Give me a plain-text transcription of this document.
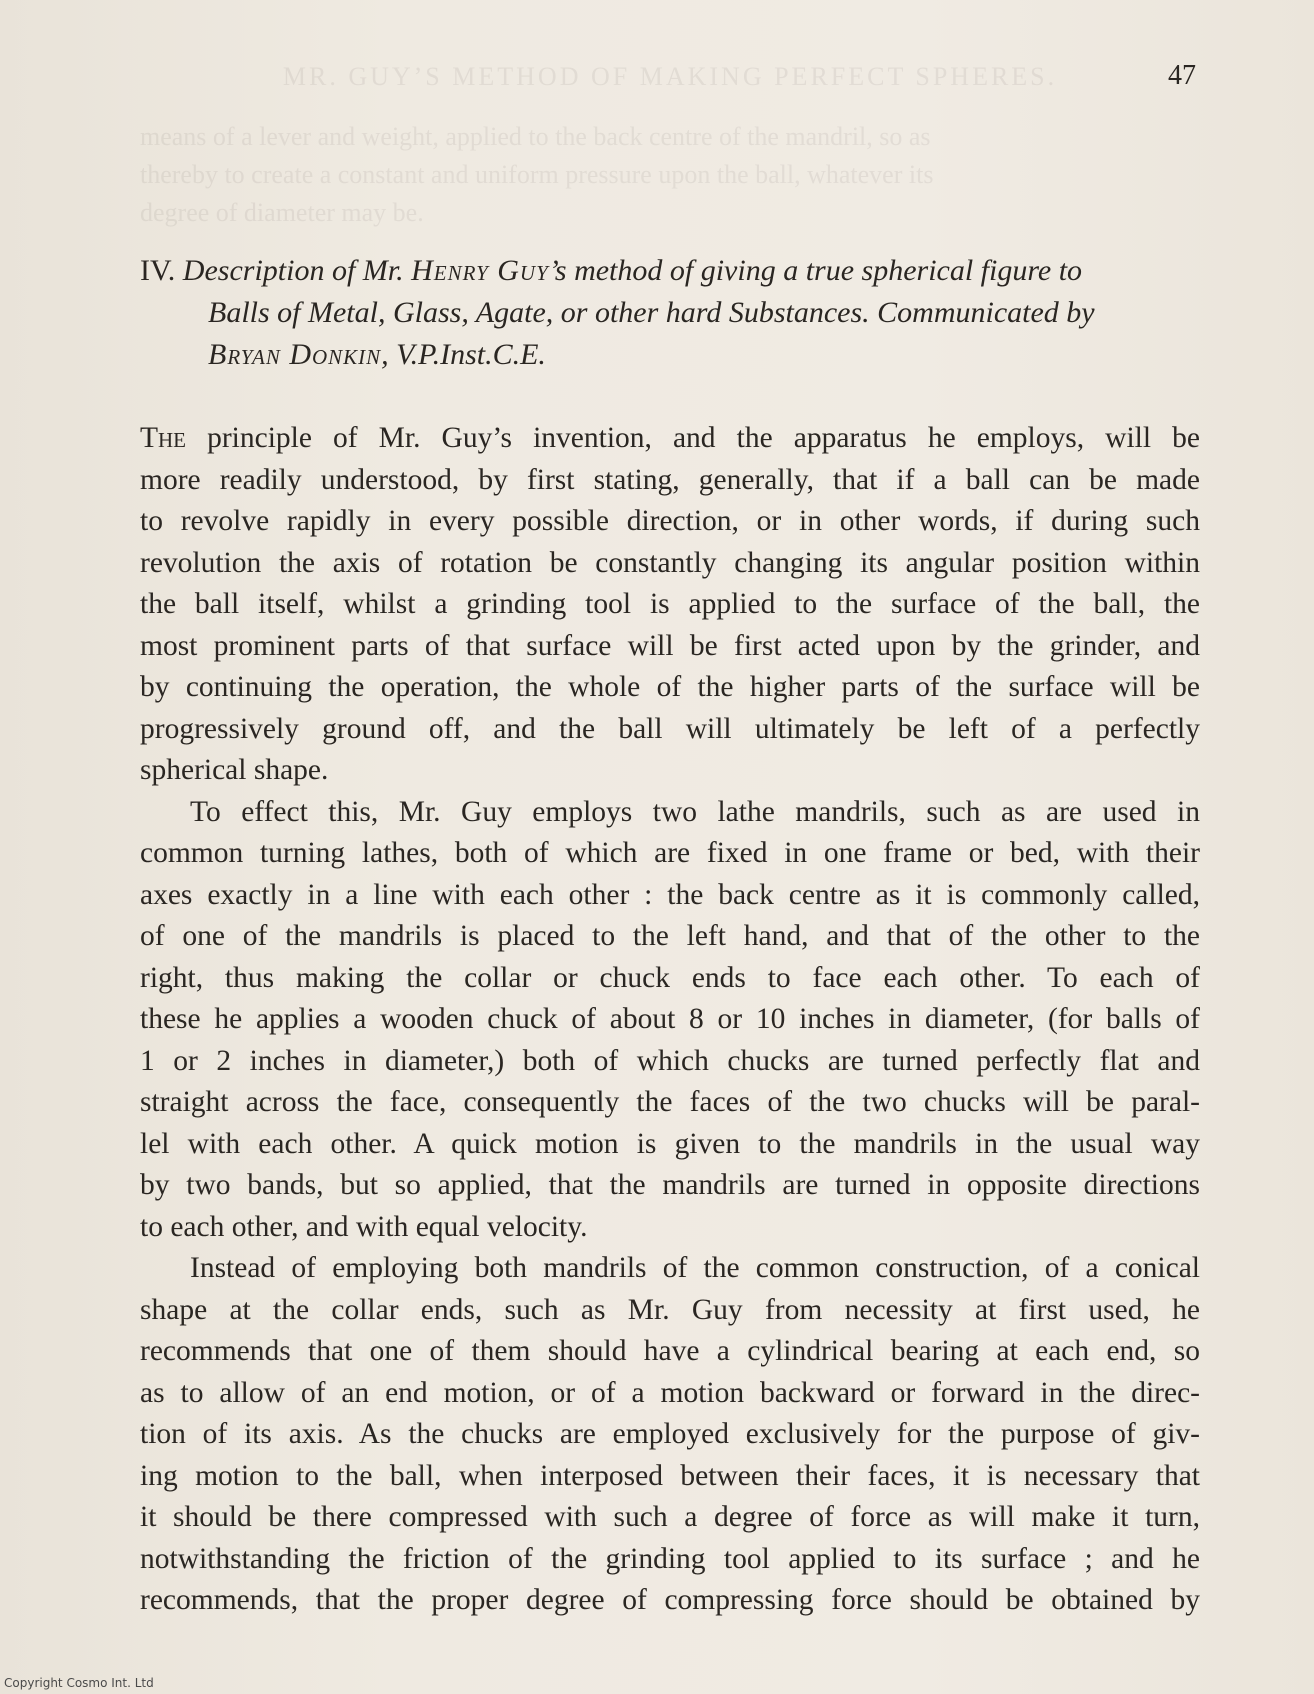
MR. GUY’S METHOD OF MAKING PERFECT SPHERES.
means of a lever and weight, applied to the back centre of the mandril, so as
thereby to create a constant and uniform pressure upon the ball, whatever its
degree of diameter may be.
47
IV. Description of Mr. Henry Guy’s method of giving a true spherical figure to
Balls of Metal, Glass, Agate, or other hard Substances. Communicated by
Bryan Donkin, V.P.Inst.C.E.
The principle of Mr. Guy’s invention, and the apparatus he employs, will be
more readily understood, by first stating, generally, that if a ball can be made
to revolve rapidly in every possible direction, or in other words, if during such
revolution the axis of rotation be constantly changing its angular position within
the ball itself, whilst a grinding tool is applied to the surface of the ball, the
most prominent parts of that surface will be first acted upon by the grinder, and
by continuing the operation, the whole of the higher parts of the surface will be
progressively ground off, and the ball will ultimately be left of a perfectly
spherical shape.
To effect this, Mr. Guy employs two lathe mandrils, such as are used in
common turning lathes, both of which are fixed in one frame or bed, with their
axes exactly in a line with each other : the back centre as it is commonly called,
of one of the mandrils is placed to the left hand, and that of the other to the
right, thus making the collar or chuck ends to face each other. To each of
these he applies a wooden chuck of about 8 or 10 inches in diameter, (for balls of
1 or 2 inches in diameter,) both of which chucks are turned perfectly flat and
straight across the face, consequently the faces of the two chucks will be paral-
lel with each other. A quick motion is given to the mandrils in the usual way
by two bands, but so applied, that the mandrils are turned in opposite directions
to each other, and with equal velocity.
Instead of employing both mandrils of the common construction, of a conical
shape at the collar ends, such as Mr. Guy from necessity at first used, he
recommends that one of them should have a cylindrical bearing at each end, so
as to allow of an end motion, or of a motion backward or forward in the direc-
tion of its axis. As the chucks are employed exclusively for the purpose of giv-
ing motion to the ball, when interposed between their faces, it is necessary that
it should be there compressed with such a degree of force as will make it turn,
notwithstanding the friction of the grinding tool applied to its surface ; and he
recommends, that the proper degree of compressing force should be obtained by
Copyright Cosmo Int. Ltd
